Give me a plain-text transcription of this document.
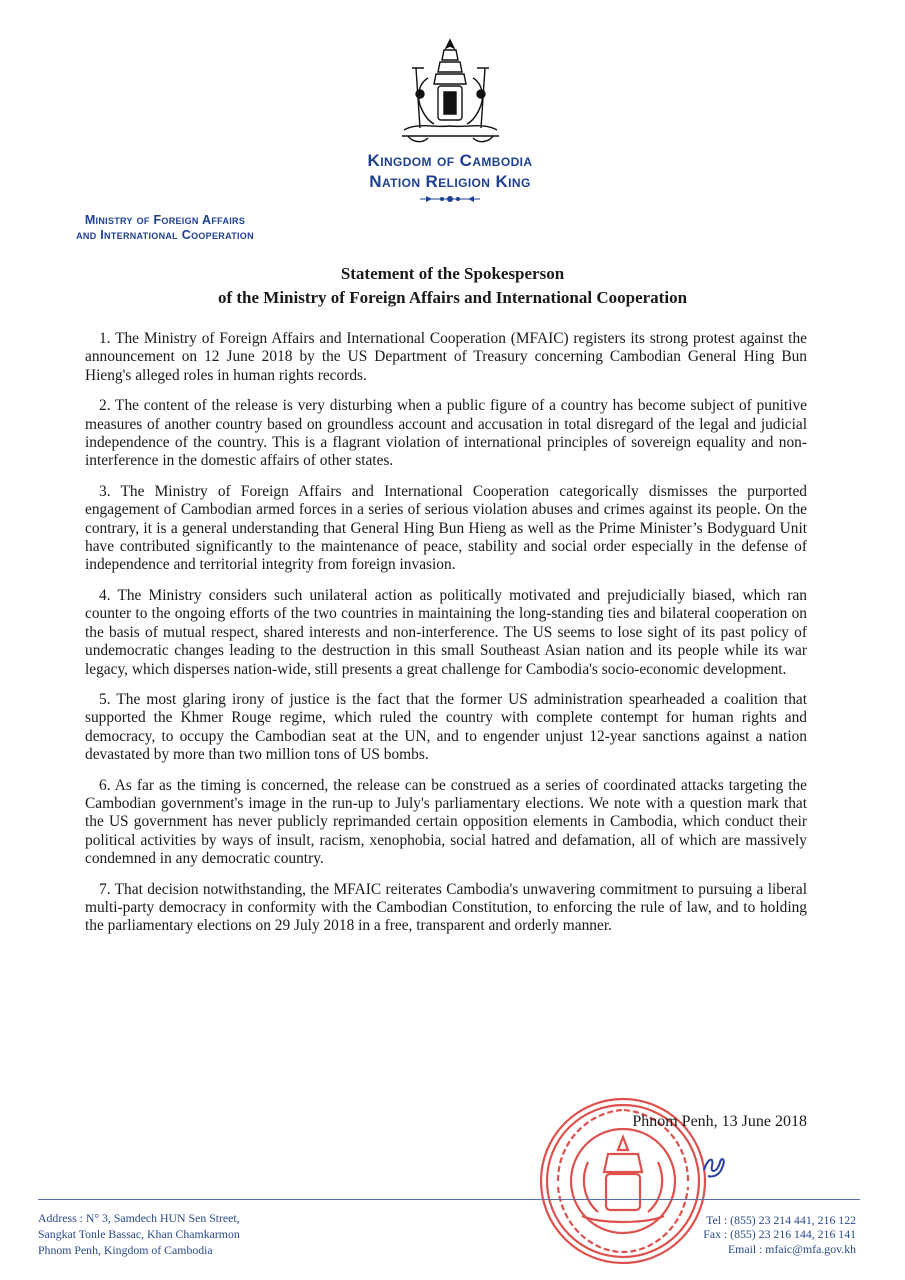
Kingdom of Cambodia
Nation Religion King
Ministry of Foreign Affairs
and International Cooperation
Statement of the Spokesperson
of the Ministry of Foreign Affairs and International Cooperation

1. The Ministry of Foreign Affairs and International Cooperation (MFAIC) registers its strong protest against the announcement on 12 June 2018 by the US Department of Treasury concerning Cambodian General Hing Bun Hieng's alleged roles in human rights records.

2. The content of the release is very disturbing when a public figure of a country has become subject of punitive measures of another country based on groundless account and accusation in total disregard of the legal and judicial independence of the country. This is a flagrant violation of international principles of sovereign equality and non-interference in the domestic affairs of other states.

3. The Ministry of Foreign Affairs and International Cooperation categorically dismisses the purported engagement of Cambodian armed forces in a series of serious violation abuses and crimes against its people. On the contrary, it is a general understanding that General Hing Bun Hieng as well as the Prime Minister’s Bodyguard Unit have contributed significantly to the maintenance of peace, stability and social order especially in the defense of independence and territorial integrity from foreign invasion.

4. The Ministry considers such unilateral action as politically motivated and prejudicially biased, which ran counter to the ongoing efforts of the two countries in maintaining the long-standing ties and bilateral cooperation on the basis of mutual respect, shared interests and non-interference. The US seems to lose sight of its past policy of undemocratic changes leading to the destruction in this small Southeast Asian nation and its people while its war legacy, which disperses nation-wide, still presents a great challenge for Cambodia's socio-economic development.

5. The most glaring irony of justice is the fact that the former US administration spearheaded a coalition that supported the Khmer Rouge regime, which ruled the country with complete contempt for human rights and democracy, to occupy the Cambodian seat at the UN, and to engender unjust 12-year sanctions against a nation devastated by more than two million tons of US bombs.

6. As far as the timing is concerned, the release can be construed as a series of coordinated attacks targeting the Cambodian government's image in the run-up to July's parliamentary elections. We note with a question mark that the US government has never publicly reprimanded certain opposition elements in Cambodia, which conduct their political activities by ways of insult, racism, xenophobia, social hatred and defamation, all of which are massively condemned in any democratic country.

7. That decision notwithstanding, the MFAIC reiterates Cambodia's unwavering commitment to pursuing a liberal multi-party democracy in conformity with the Cambodian Constitution, to enforcing the rule of law, and to holding the parliamentary elections on 29 July 2018 in a free, transparent and orderly manner.

Phnom Penh, 13 June 2018
Address : N° 3, Samdech HUN Sen Street,
Sangkat Tonle Bassac, Khan Chamkarmon
Phnom Penh, Kingdom of Cambodia
Tel : (855) 23 214 441, 216 122
Fax : (855) 23 216 144, 216 141
Email : mfaic@mfa.gov.kh
